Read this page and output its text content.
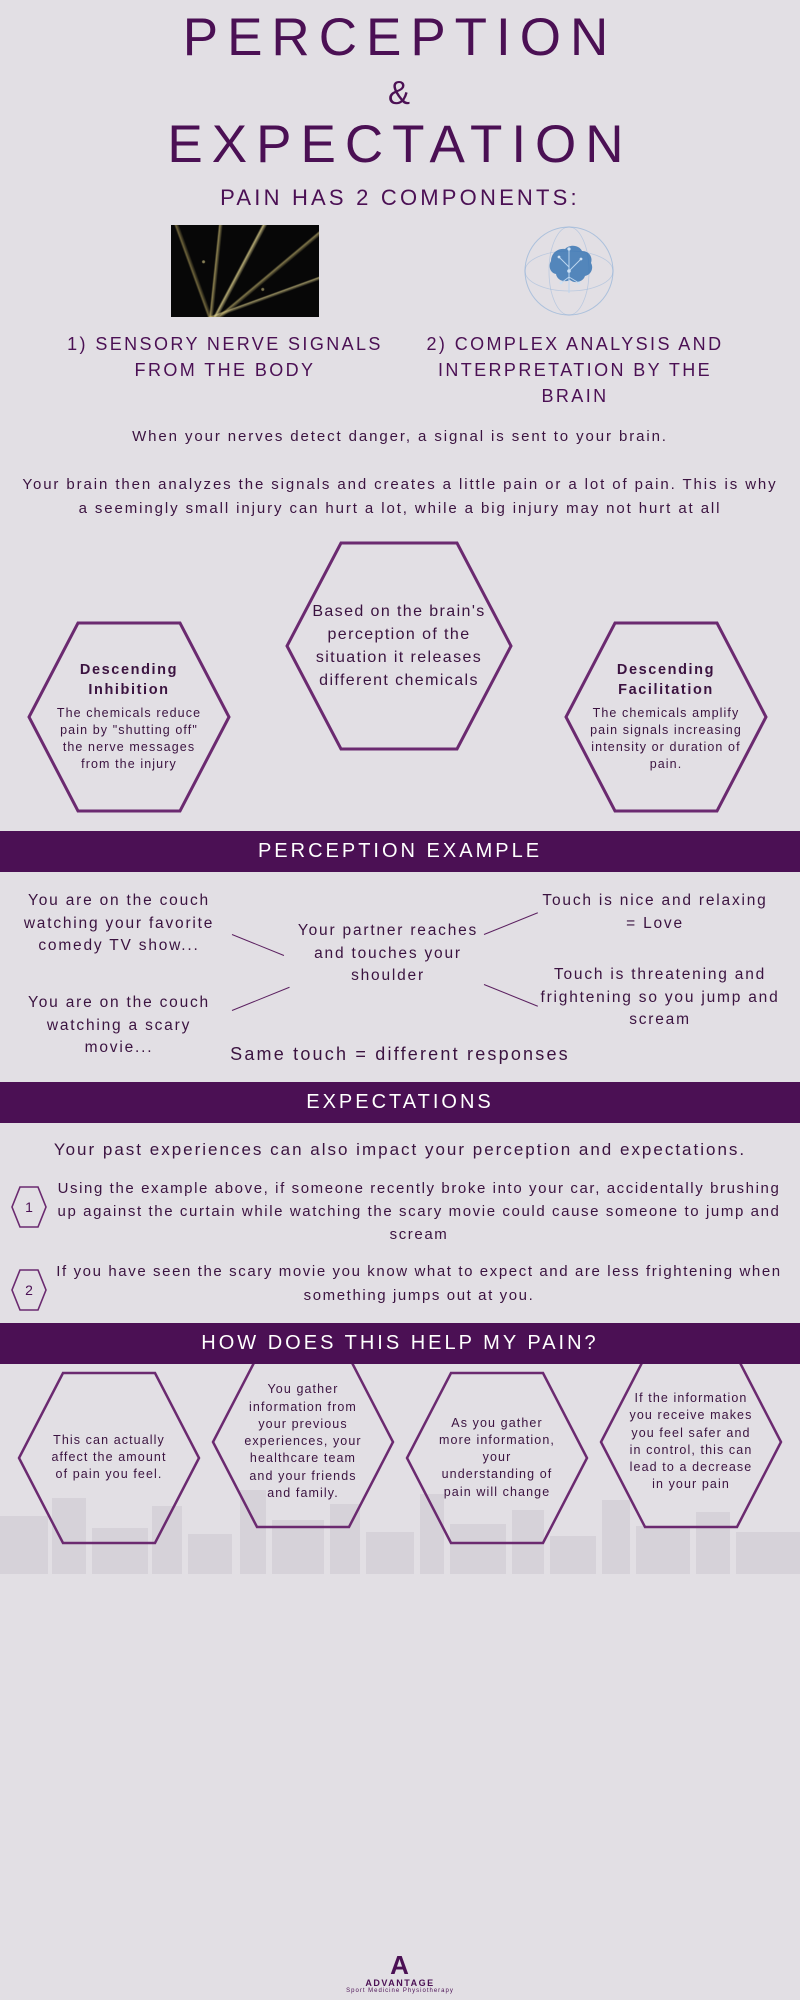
PERCEPTION
&
EXPECTATION
PAIN HAS 2 COMPONENTS:
1) SENSORY NERVE SIGNALS FROM THE BODY
2) COMPLEX ANALYSIS AND INTERPRETATION BY THE BRAIN
When your nerves detect danger, a signal is sent to your brain.
Your brain then analyzes the signals and creates a little pain or a lot of pain. This is why a seemingly small injury can hurt a lot, while a big injury may not hurt at all
Based on the brain's perception of the situation it releases different chemicals
Descending Inhibition
The chemicals reduce pain by "shutting off" the nerve messages from the injury
Descending Facilitation
The chemicals amplify pain signals increasing intensity or duration of pain.
PERCEPTION EXAMPLE
You are on the couch watching your favorite comedy TV show...
You are on the couch watching a scary movie...
Your partner reaches and touches your shoulder
Touch is nice and relaxing = Love
Touch is threatening and frightening so you jump and scream
Same touch = different responses
EXPECTATIONS
Your past experiences can also impact your perception and expectations.
1
Using the example above, if someone recently broke into your car, accidentally brushing up against the curtain while watching the scary movie could cause someone to jump and scream
2
If you have seen the scary movie you know what to expect and are less frightening when something jumps out at you.
HOW DOES THIS HELP MY PAIN?
This can actually affect the amount of pain you feel.
You gather information from your previous experiences, your healthcare team and your friends and family.
As you gather more information, your understanding of pain will change
If the information you receive makes you feel safer and in control, this can lead to a decrease in your pain
A
ADVANTAGE
Sport Medicine Physiotherapy
